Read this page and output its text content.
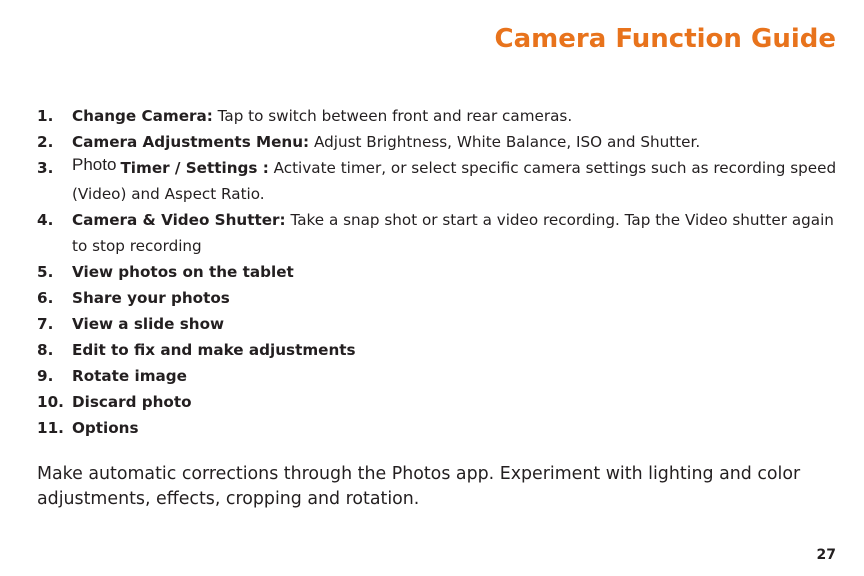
Camera Function Guide
1.	Change Camera: Tap to switch between front and rear cameras.
2.	Camera Adjustments Menu: Adjust Brightness, White Balance, ISO and Shutter.
3.	Photo Timer / Settings : Activate timer, or select specific camera settings such as recording speed (Video) and Aspect Ratio.
4.	Camera & Video Shutter: Take a snap shot or start a video recording. Tap the Video shutter again to stop recording
5.	View photos on the tablet
6.	Share your photos
7.	View a slide show
8.	Edit to fix and make adjustments
9.	Rotate image
10. Discard photo
11. Options

Make automatic corrections through the Photos app. Experiment with lighting and color adjustments, effects, cropping and rotation.

27
